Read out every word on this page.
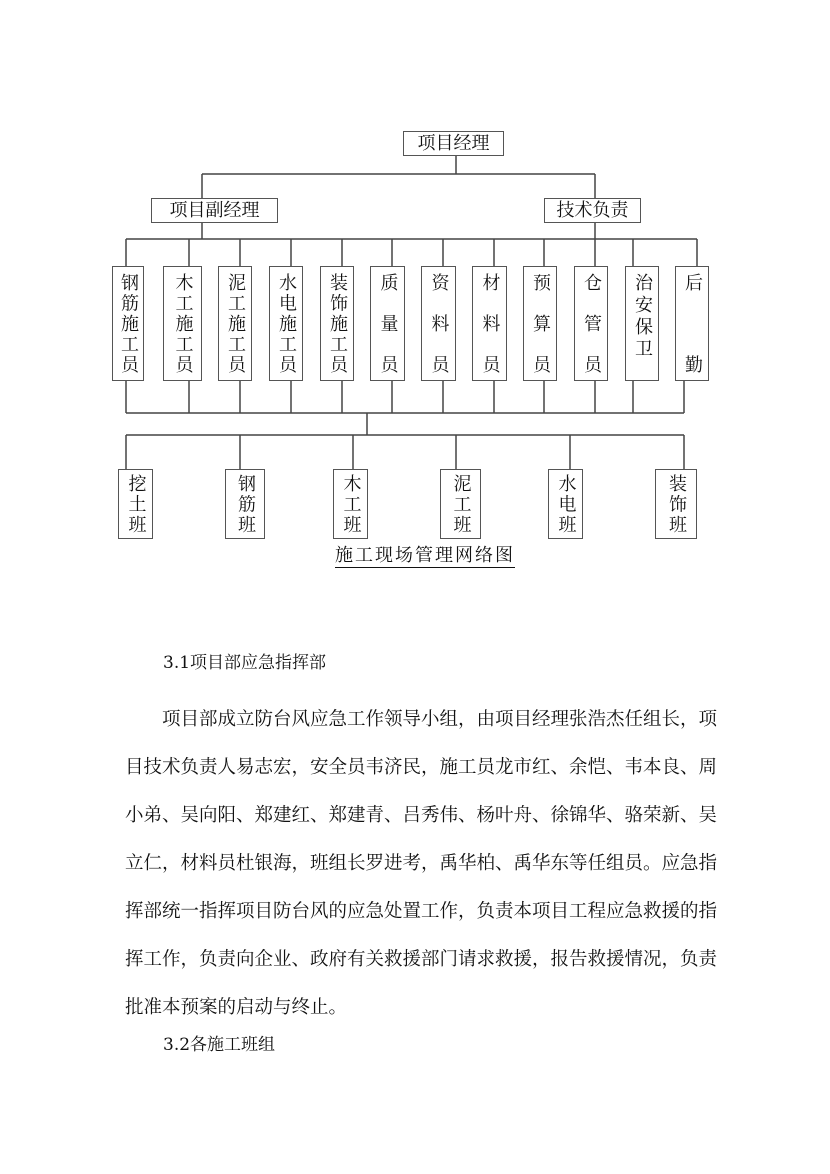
项目经理
项目副经理	技术负责
钢筋施工员 木工施工员 泥工施工员 水电施工员 装饰施工员 质量员 资料员 材料员 预算员 仓管员 治安保卫 后勤
挖土班	钢筋班	木工班	泥工班	水电班	装饰班
施工现场管理网络图
3.1项目部应急指挥部
　　项目部成立防台风应急工作领导小组，由项目经理张浩杰任组长，项
目技术负责人易志宏，安全员韦济民，施工员龙市红、余恺、韦本良、周
小弟、吴向阳、郑建红、郑建青、吕秀伟、杨叶舟、徐锦华、骆荣新、吴
立仁，材料员杜银海，班组长罗进考，禹华柏、禹华东等任组员。应急指
挥部统一指挥项目防台风的应急处置工作，负责本项目工程应急救援的指
挥工作，负责向企业、政府有关救援部门请求救援，报告救援情况，负责
批准本预案的启动与终止。
3.2各施工班组
